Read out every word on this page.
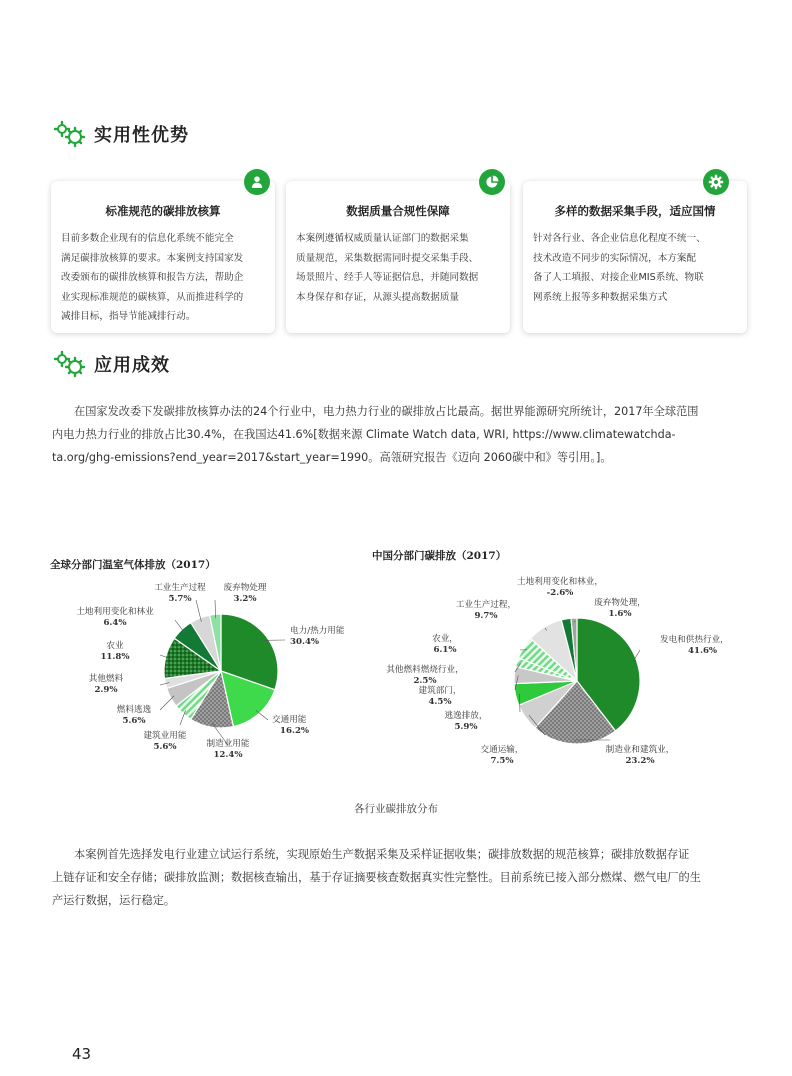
实用性优势
标准规范的碳排放核算
目前多数企业现有的信息化系统不能完全
满足碳排放核算的要求。本案例支持国家发
改委颁布的碳排放核算和报告方法，帮助企
业实现标准规范的碳核算，从而推进科学的
减排目标，指导节能减排行动。
数据质量合规性保障
本案例遵循权威质量认证部门的数据采集
质量规范，采集数据需同时提交采集手段、
场景照片、经手人等证据信息，并随同数据
本身保存和存证，从源头提高数据质量
多样的数据采集手段，适应国情
针对各行业、各企业信息化程度不统一、
技术改造不同步的实际情况，本方案配
备了人工填报、对接企业MIS系统、物联
网系统上报等多种数据采集方式
应用成效
在国家发改委下发碳排放核算办法的24个行业中，电力热力行业的碳排放占比最高。据世界能源研究所统计，2017年全球范围
内电力热力行业的排放占比30.4%，在我国达41.6%[数据来源 Climate Watch data, WRI, https://www.climatewatchda-
ta.org/ghg-emissions?end_year=2017&start_year=1990。高瓴研究报告《迈向 2060碳中和》等引用。]。
全球分部门温室气体排放（2017）
中国分部门碳排放（2017）
电力/热力用能
30.4%
交通用能
16.2%
制造业用能
12.4%
建筑业用能
5.6%
燃料逃逸
5.6%
其他燃料
2.9%
农业
11.8%
土地利用变化和林业
6.4%
工业生产过程
5.7%
废弃物处理
3.2%
发电和供热行业，
41.6%
制造业和建筑业，
23.2%
交通运输，
7.5%
逃逸排放，
5.9%
建筑部门，
4.5%
其他燃料燃烧行业，
2.5%
农业，
6.1%
工业生产过程，
9.7%
土地利用变化和林业，
-2.6%
废弃物处理，
1.6%
各行业碳排放分布
本案例首先选择发电行业建立试运行系统，实现原始生产数据采集及采样证据收集；碳排放数据的规范核算；碳排放数据存证
上链存证和安全存储；碳排放监测；数据核查输出，基于存证摘要核查数据真实性完整性。目前系统已接入部分燃煤、燃气电厂的生
产运行数据，运行稳定。
43
